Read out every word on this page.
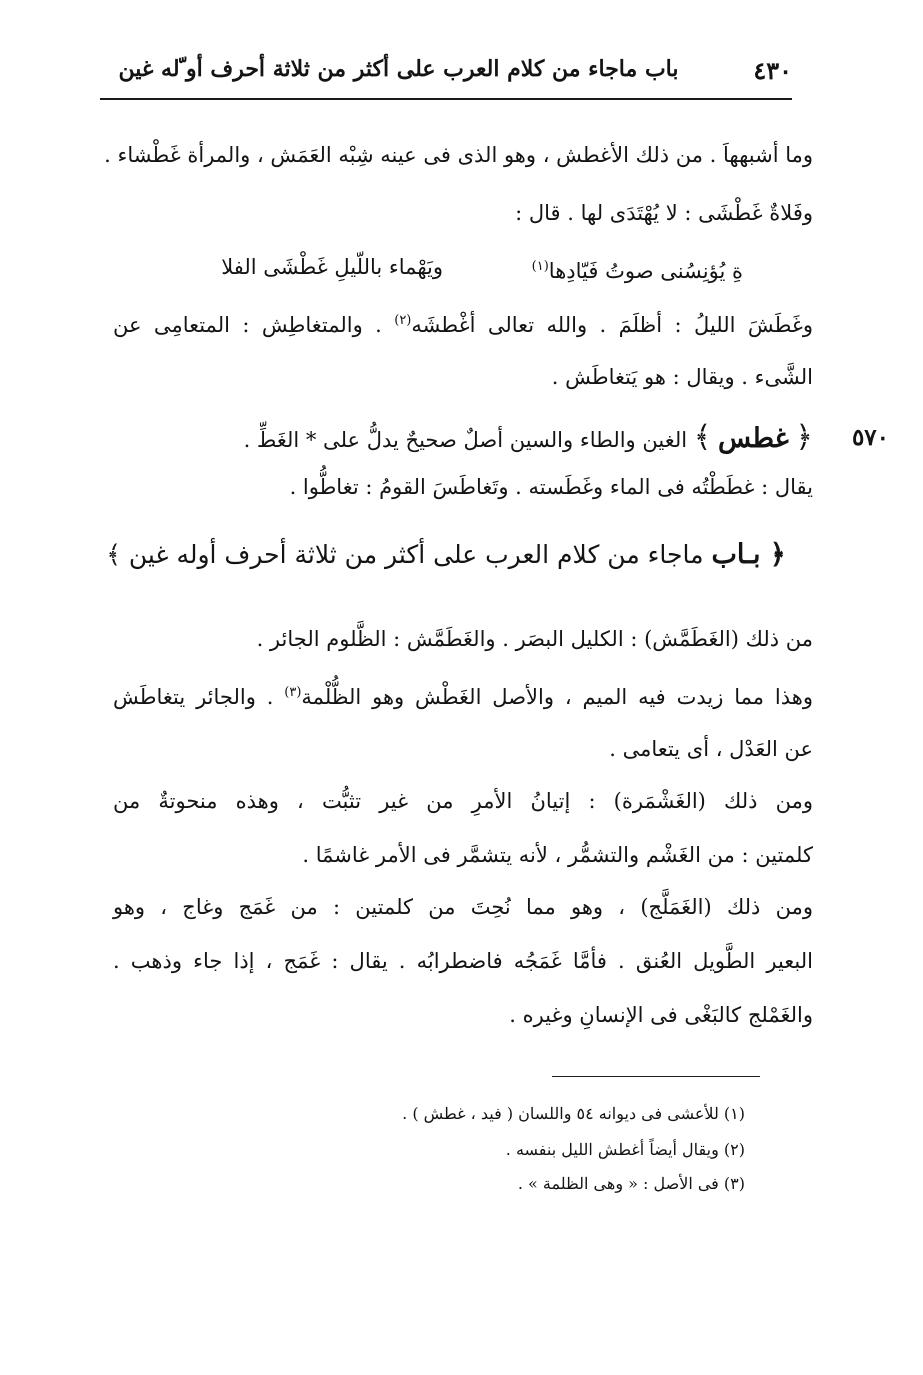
٤٣٠
باب ماجاء من كلام العرب على أكثر من ثلاثة أحرف أو ّله غين
وما أشبههاَ . من ذلك الأغطش ، وهو الذى فى عينه شِبْه العَمَش ، والمرأة غَطْشاء .
وفَلاةٌ غَطْشَى : لا يُهْتَدَى لها . قال :
ويَهْماء باللّيلِ غَطْشَى الفلا	ةِ يُؤنِسُنى صوتُ فَيّادِها$^{(١)}$
وغَطَشَ الليلُ : أظلَمَ . والله تعالى أغْطشَه$^{(٢)}$ . والمتغاطِش : المتعامِى عن
الشَّىء . ويقال : هو يَتغاطَش .
٥٧٠
﴿ غطس ﴾ الغين والطاء والسين أصلٌ صحيحٌ يدلُّ على * الغَطِّ .
يقال : غطَطْتُه فى الماء وغَطَسته . وتَغاطَسَ القومُ : تغاطُّوا .
﴿ بـاب ماجاء من كلام العرب على أكثر من ثلاثة أحرف أوله غين ﴾
من ذلك (الغَطَمَّش) : الكليل البصَر . والغَطَمَّش : الظَّلوم الجائر .
وهذا مما زيدت فيه الميم ، والأصل الغَطْش وهو الظُّلْمة$^{(٣)}$ . والجائر يتغاطَش
عن العَدْل ، أى يتعامى .
ومن ذلك (الغَشْمَرة) : إتيانُ الأمرِ من غير تثبُّت ، وهذه منحوتةٌ من
كلمتين : من الغَشْم والتشمُّر ، لأنه يتشمَّر فى الأمر غاشمًا .
ومن ذلك (الغَمَلَّج) ، وهو مما نُحِتَ من كلمتين : من غَمَج وغاج ، وهو
البعير الطَّويل العُنق . فأمَّا غَمَجُه فاضطرابُه . يقال : غَمَج ، إذا جاء وذهب .
والغَمْلج كالبَغْى فى الإنسانِ وغيره .
(١) للأعشى فى ديوانه ٥٤ واللسان ( فيد ، غطش ) .
(٢) ويقال أيضاً أغطش الليل بنفسه .
(٣) فى الأصل : « وهى الظلمة » .
